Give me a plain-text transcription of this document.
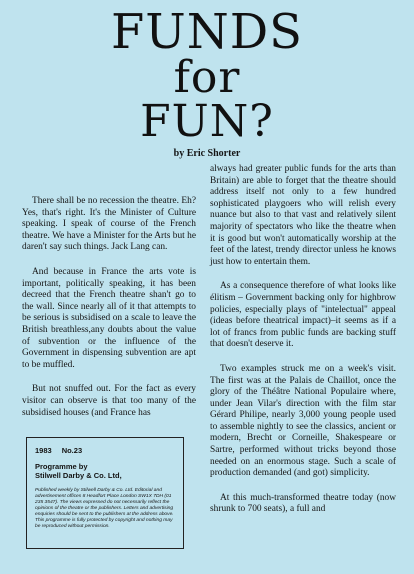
FUNDS
for
FUN?
by Eric Shorter

There shall be no recession the theatre. Eh? Yes, that's right. It's the Minister of Culture speaking. I speak of course of the French theatre. We have a Minister for the Arts but he daren't say such things. Jack Lang can.

And because in France the arts vote is important, politically speaking, it has been decreed that the French theatre shan't go to the wall. Since nearly all of it that attempts to be serious is subsidised on a scale to leave the British breathless,any doubts about the value of subvention or the influence of the Government in dispensing subvention are apt to be muffled.

But not snuffed out. For the fact as every visitor can observe is that too many of the subsidised houses (and France has

always had greater public funds for the arts than Britain) are able to forget that the theatre should address itself not only to a few hundred sophisticated playgoers who will relish every nuance but also to that vast and relatively silent majority of spectators who like the theatre when it is good but won't automatically worship at the feet of the latest, trendy director unless he knows just how to entertain them.

As a consequence therefore of what looks like élitism – Government backing only for highbrow policies, especially plays of "intelectual" appeal (ideas before theatrical impact)–it seems as if a lot of francs from public funds are backing stuff that doesn't deserve it.

Two examples struck me on a week's visit. The first was at the Palais de Chaillot, once the glory of the Théâtre National Populaire where, under Jean Vilar's direction with the film star Gérard Philipe, nearly 3,000 young people used to assemble nightly to see the classics, ancient or modern, Brecht or Corneille, Shakespeare or Sartre, performed without tricks beyond those needed on an enormous stage. Such a scale of production demanded (and got) simplicity.

At this much-transformed theatre today (now shrunk to 700 seats), a full and

1983 No.23
Programme by
Stilwell Darby & Co. Ltd,

Published weekly by Stilwell Darby & Co. Ltd. Editorial and advertisement offices 8 Headfort Place London SW1X 7DH (01 235 3547). The views expressed do not necessarily reflect the opinions of the theatre or the publishers. Letters and advertising enquiries should be sent to the publishers at the address above. This programme is fully protected by copyright and nothing may be reproduced without permission.
